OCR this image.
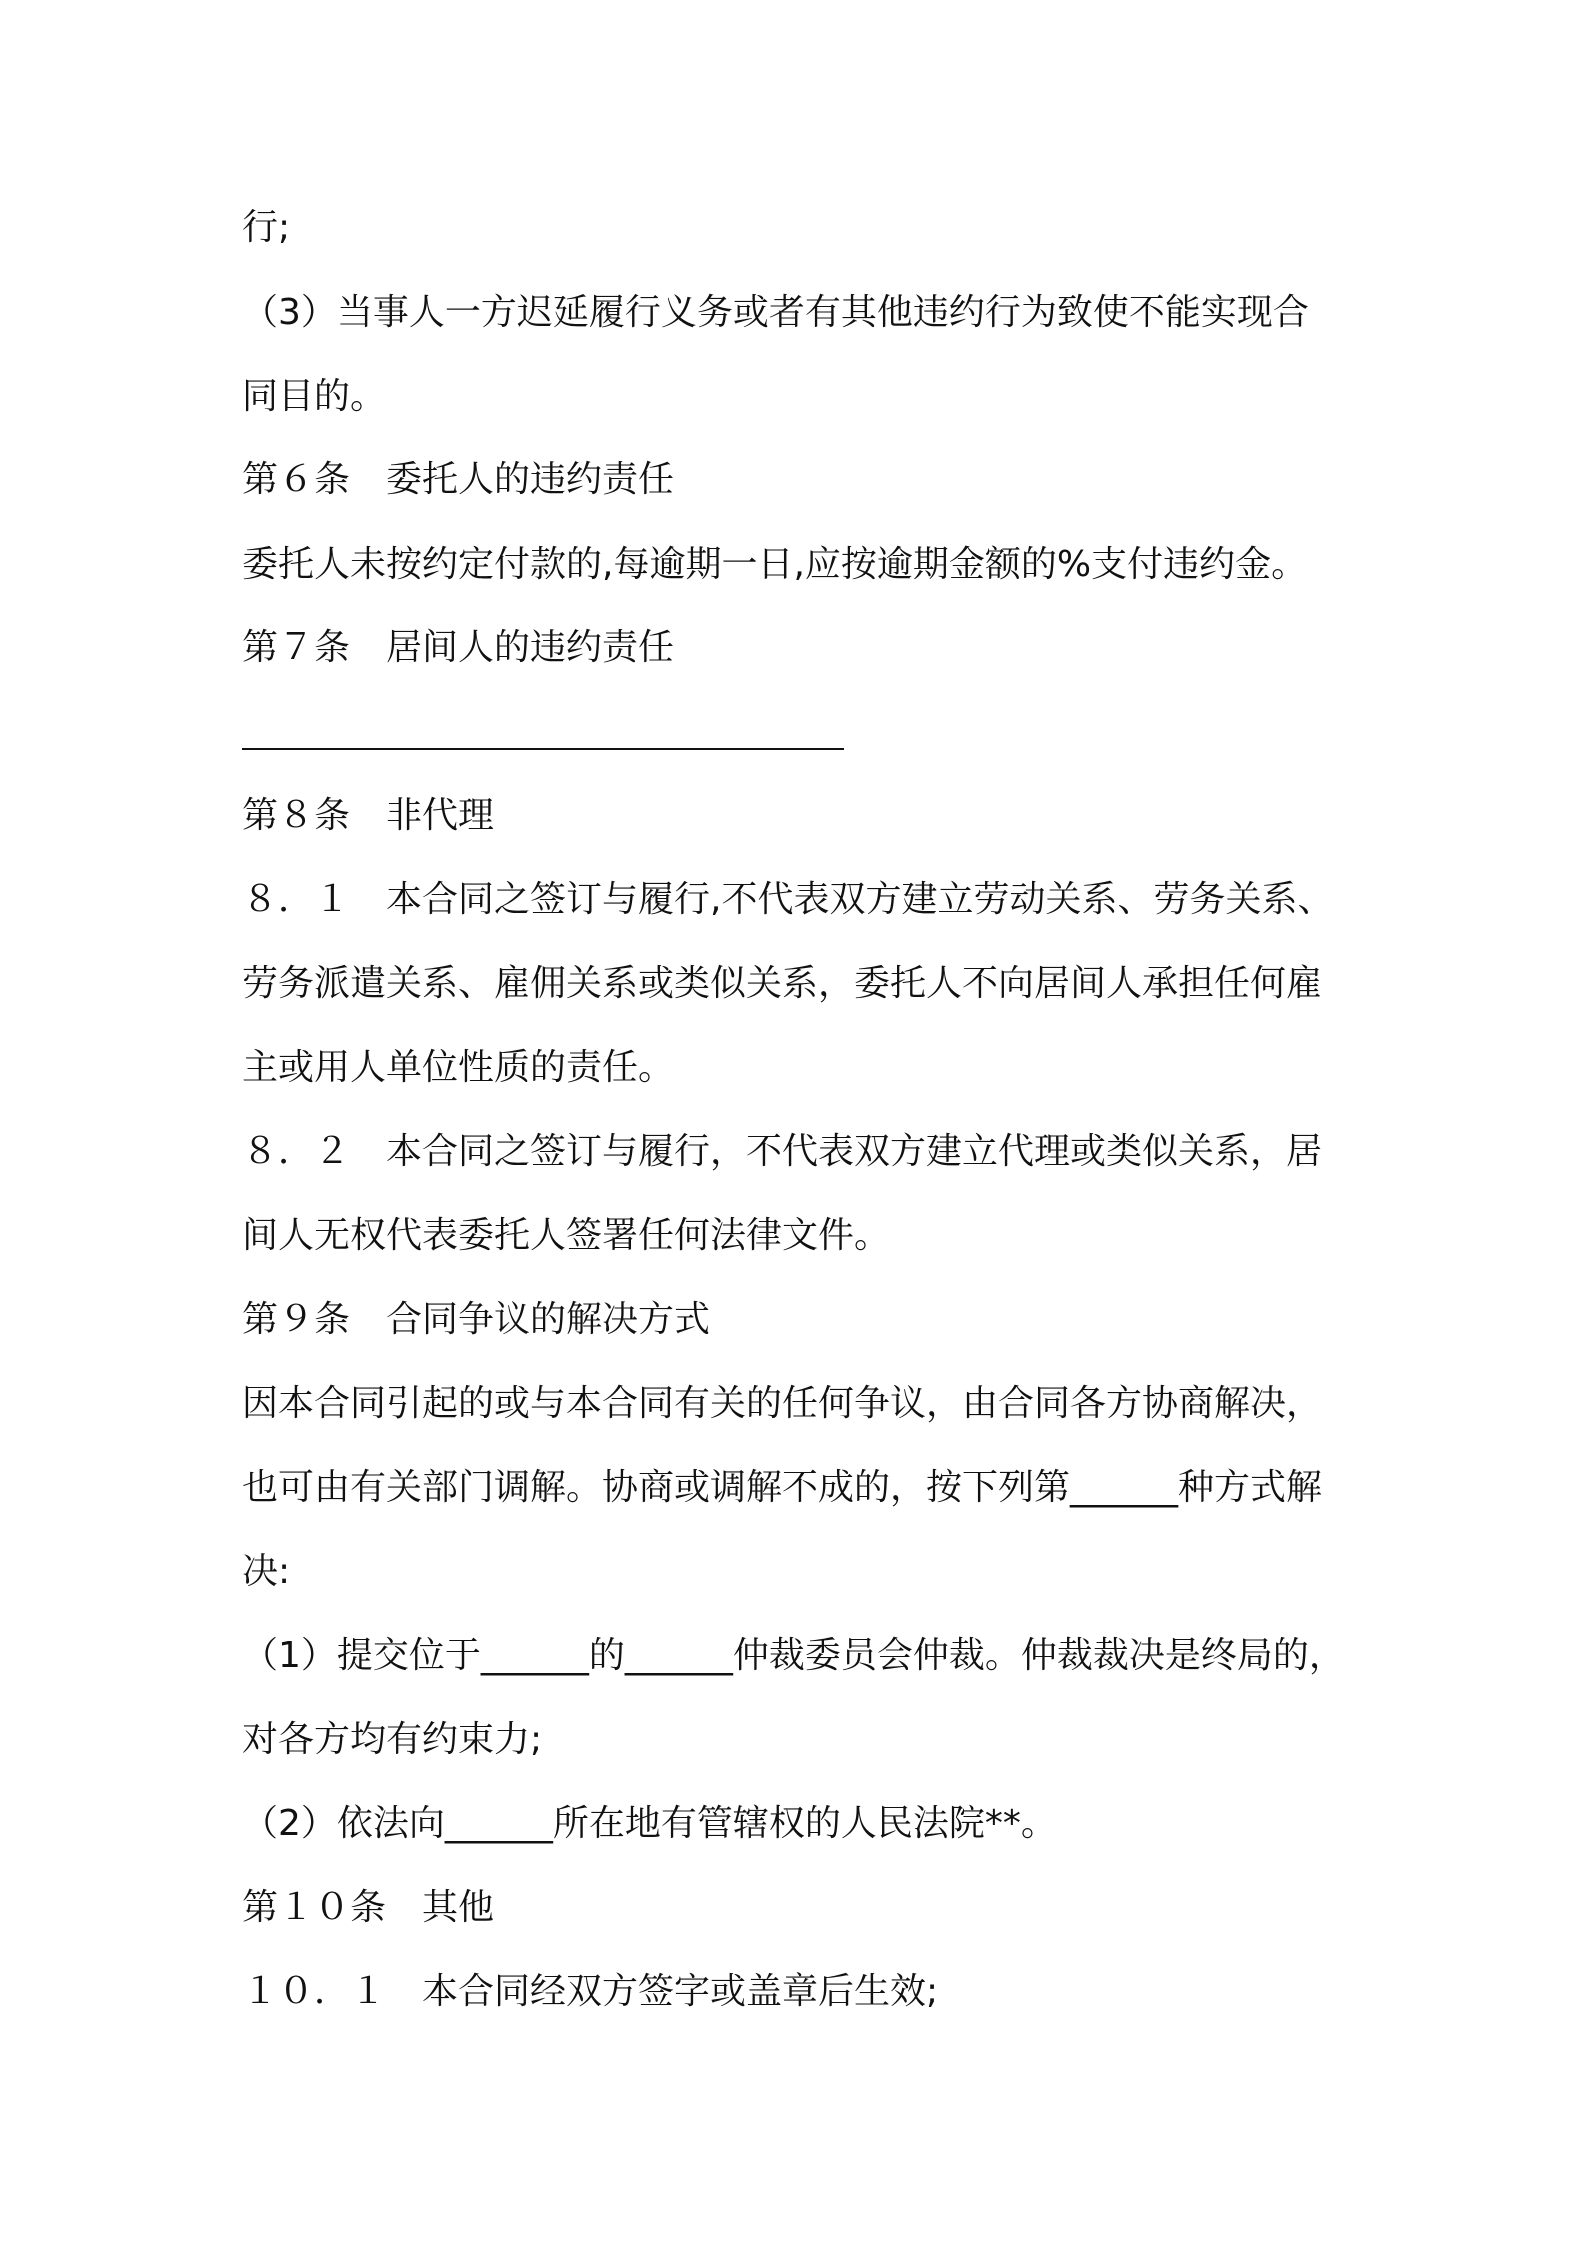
行;
（3）当事人一方迟延履行义务或者有其他违约行为致使不能实现合
同目的。
第６条　委托人的违约责任
委托人未按约定付款的,每逾期一日,应按逾期金额的%支付违约金。
第７条　居间人的违约责任
第８条　非代理
８．１　本合同之签订与履行,不代表双方建立劳动关系、劳务关系、
劳务派遣关系、雇佣关系或类似关系，委托人不向居间人承担任何雇
主或用人单位性质的责任。
８．２　本合同之签订与履行，不代表双方建立代理或类似关系，居
间人无权代表委托人签署任何法律文件。
第９条　合同争议的解决方式
因本合同引起的或与本合同有关的任何争议，由合同各方协商解决，
也可由有关部门调解。协商或调解不成的，按下列第______种方式解
决:
（1）提交位于______的______仲裁委员会仲裁。仲裁裁决是终局的，
对各方均有约束力;
（2）依法向______所在地有管辖权的人民法院**。
第１０条　其他
１０．１　本合同经双方签字或盖章后生效;
